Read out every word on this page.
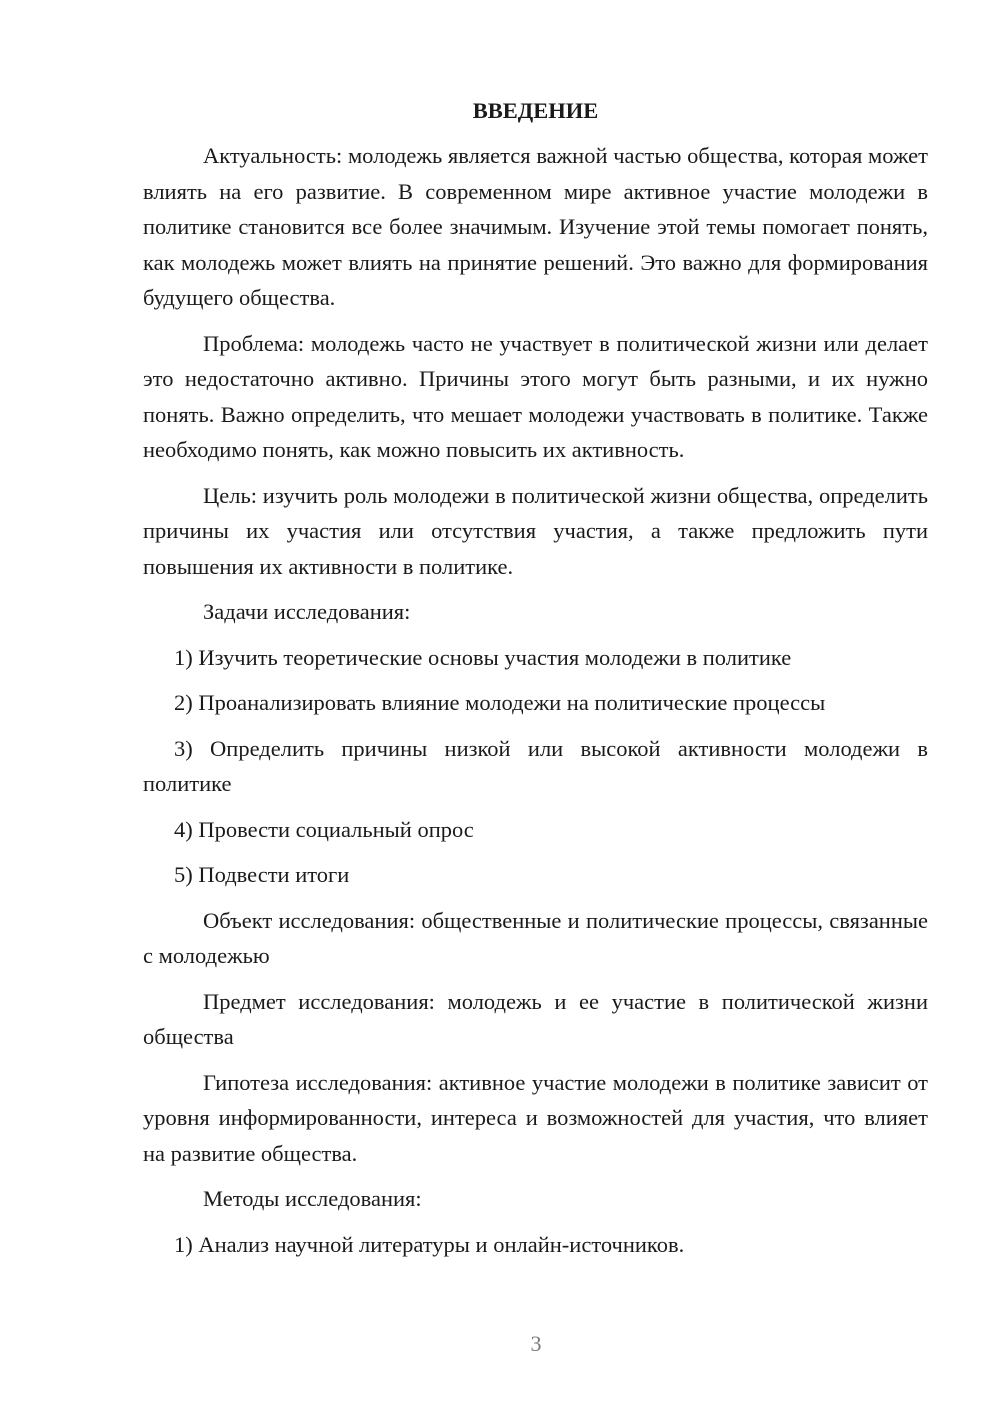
ВВЕДЕНИЕ

Актуальность: молодежь является важной частью общества, которая может влиять на его развитие. В современном мире активное участие молодежи в политике становится все более значимым. Изучение этой темы помогает понять, как молодежь может влиять на принятие решений. Это важно для формирования будущего общества.

Проблема: молодежь часто не участвует в политической жизни или делает это недостаточно активно. Причины этого могут быть разными, и их нужно понять. Важно определить, что мешает молодежи участвовать в политике. Также необходимо понять, как можно повысить их активность.

Цель: изучить роль молодежи в политической жизни общества, определить причины их участия или отсутствия участия, а также предложить пути повышения их активности в политике.

Задачи исследования:

1) Изучить теоретические основы участия молодежи в политике

2) Проанализировать влияние молодежи на политические процессы

3) Определить причины низкой или высокой активности молодежи в политике

4) Провести социальный опрос

5) Подвести итоги

Объект исследования: общественные и политические процессы, связанные с молодежью

Предмет исследования: молодежь и ее участие в политической жизни общества

Гипотеза исследования: активное участие молодежи в политике зависит от уровня информированности, интереса и возможностей для участия, что влияет на развитие общества.

Методы исследования:

1) Анализ научной литературы и онлайн-источников.

3
